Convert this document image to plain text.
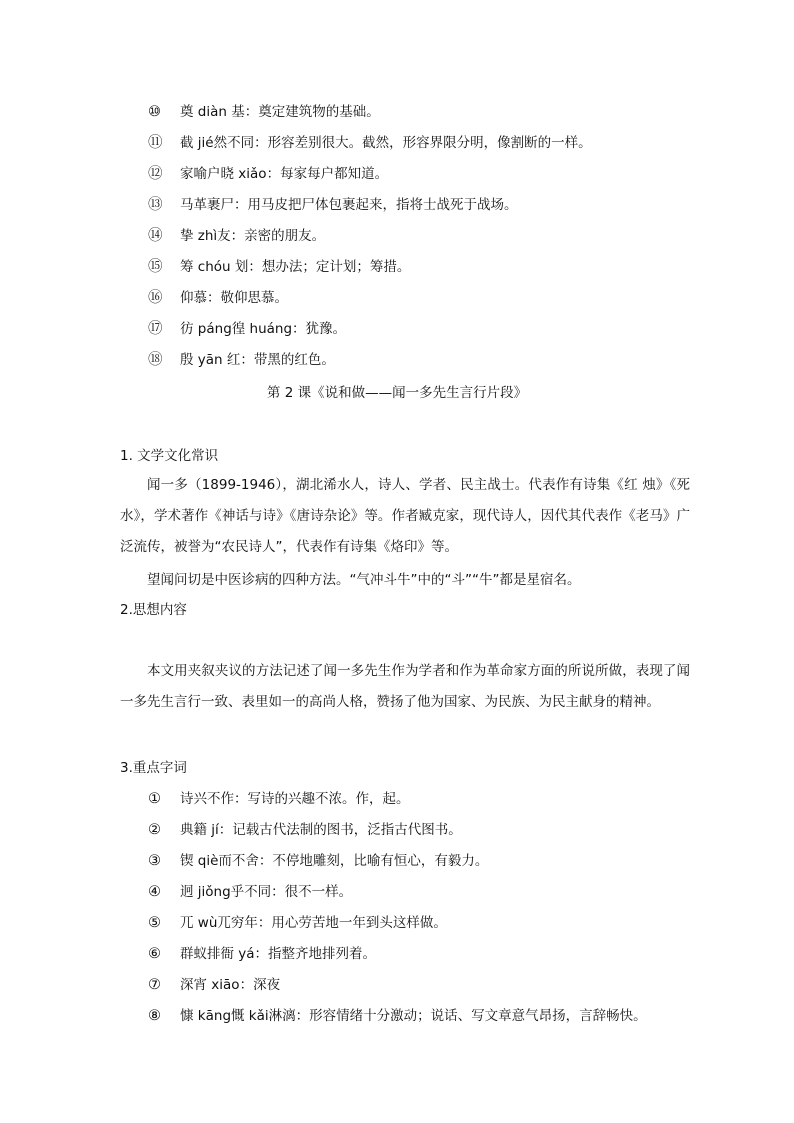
⑩ 奠 diàn 基：奠定建筑物的基础。
⑪ 截 jié然不同：形容差别很大。截然，形容界限分明，像割断的一样。
⑫ 家喻户晓 xiǎo：每家每户都知道。
⑬ 马革裹尸：用马皮把尸体包裹起来，指将士战死于战场。
⑭ 挚 zhì友：亲密的朋友。
⑮ 筹 chóu 划：想办法；定计划；筹措。
⑯ 仰慕：敬仰思慕。
⑰ 彷 páng徨 huáng：犹豫。
⑱ 殷 yān 红：带黑的红色。
第 2 课《说和做——闻一多先生言行片段》
1. 文学文化常识
闻一多（1899-1946），湖北浠水人，诗人、学者、民主战士。代表作有诗集《红 烛》《死水》，学术著作《神话与诗》《唐诗杂论》等。作者臧克家，现代诗人，因代其代表作《老马》广泛流传，被誉为“农民诗人”，代表作有诗集《烙印》等。
望闻问切是中医诊病的四种方法。“气冲斗牛”中的“斗”“牛”都是星宿名。
2.思想内容
本文用夹叙夹议的方法记述了闻一多先生作为学者和作为革命家方面的所说所做，表现了闻一多先生言行一致、表里如一的高尚人格，赞扬了他为国家、为民族、为民主献身的精神。
3.重点字词
① 诗兴不作：写诗的兴趣不浓。作，起。
② 典籍 jí：记载古代法制的图书，泛指古代图书。
③ 锲 qiè而不舍：不停地雕刻，比喻有恒心，有毅力。
④ 迥 jiǒng乎不同：很不一样。
⑤ 兀 wù兀穷年：用心劳苦地一年到头这样做。
⑥ 群蚁排衙 yá：指整齐地排列着。
⑦ 深宵 xiāo：深夜
⑧ 慷 kāng慨 kǎi淋漓：形容情绪十分激动；说话、写文章意气昂扬，言辞畅快。
